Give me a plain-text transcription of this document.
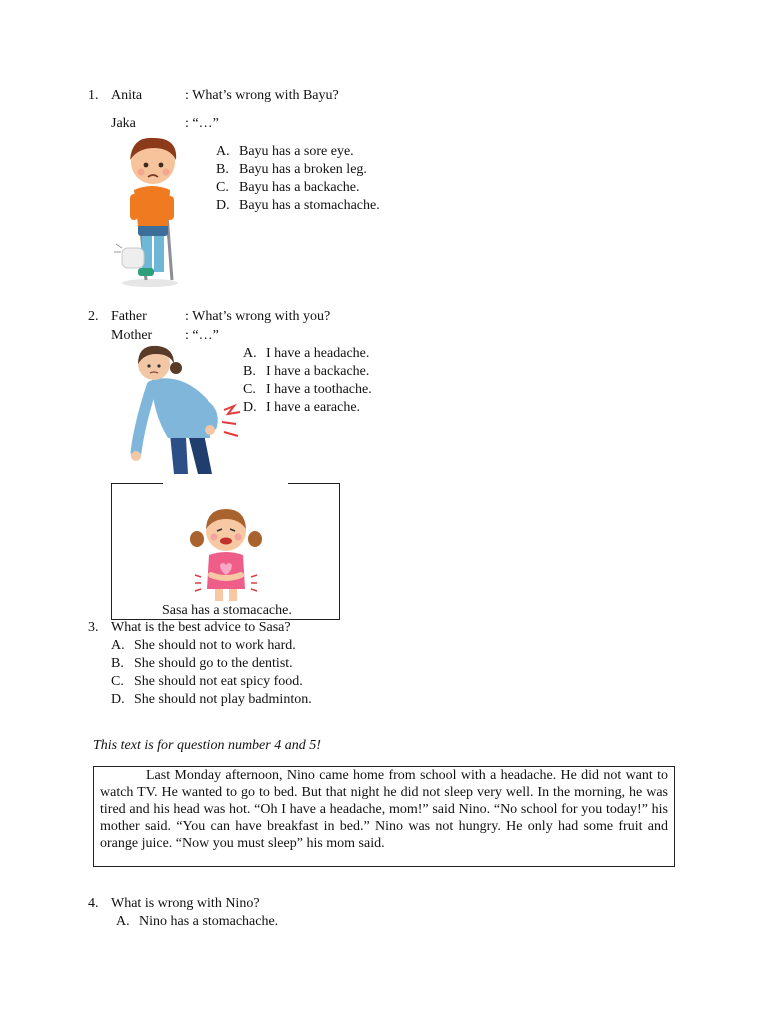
1. Anita	: What’s wrong with Bayu?
Jaka	: “…”
A. Bayu has a sore eye.
B. Bayu has a broken leg.
C. Bayu has a backache.
D. Bayu has a stomachache.
2. Father	: What’s wrong with you?
Mother : “…”
A. I have a headache.
B. I have a backache.
C. I have a toothache.
D. I have a earache.
Sasa has a stomacache.
3. What is the best advice to Sasa?
A. She should not to work hard.
B. She should go to the dentist.
C. She should not eat spicy food.
D. She should not play badminton.
This text is for question number 4 and 5!

Last Monday afternoon, Nino came home from school with a headache. He did not want to watch TV. He wanted to go to bed. But that night he did not sleep very well. In the morning, he was tired and his head was hot. “Oh I have a headache, mom!” said Nino. “No school for you today!” his mother said. “You can have breakfast in bed.” Nino was not hungry. He only had some fruit and orange juice. “Now you must sleep” his mom said.

4. What is wrong with Nino?
A. Nino has a stomachache.
